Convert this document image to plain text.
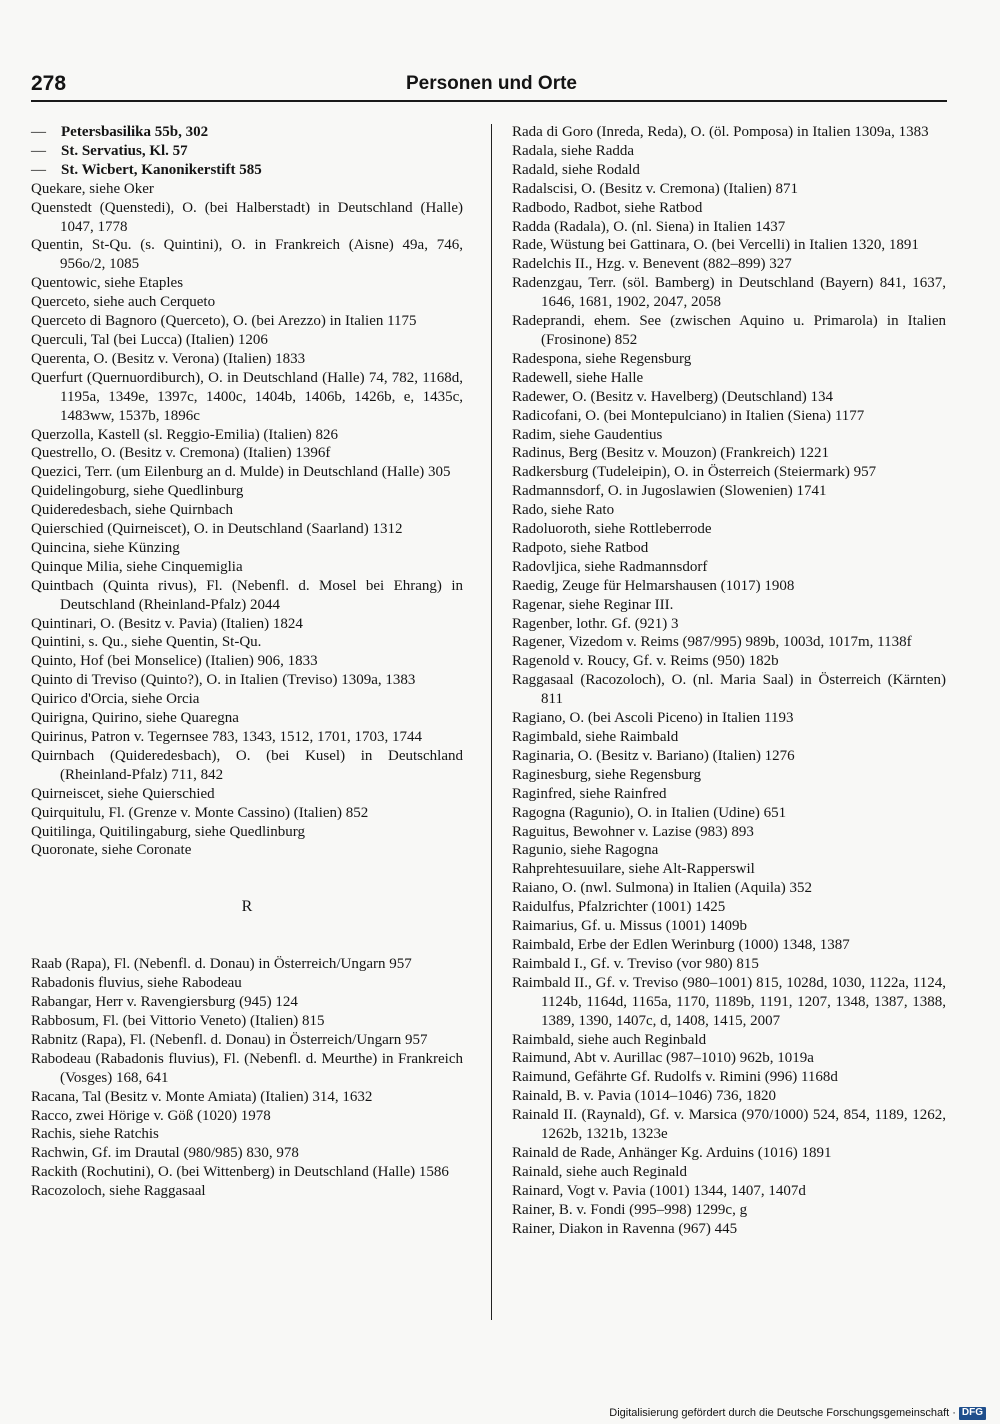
278	Personen und Orte

— Petersbasilika 55b, 302

— St. Servatius, Kl. 57

— St. Wicbert, Kanonikerstift 585

Quekare, siehe Oker

Quenstedt (Quenstedi), O. (bei Halberstadt) in Deutschland (Halle) 1047, 1778

Quentin, St-Qu. (s. Quintini), O. in Frankreich (Aisne) 49a, 746, 956o/2, 1085

Quentowic, siehe Etaples

Querceto, siehe auch Cerqueto

Querceto di Bagnoro (Querceto), O. (bei Arezzo) in Italien 1175

Querculi, Tal (bei Lucca) (Italien) 1206

Querenta, O. (Besitz v. Verona) (Italien) 1833

Querfurt (Quernuordiburch), O. in Deutschland (Halle) 74, 782, 1168d, 1195a, 1349e, 1397c, 1400c, 1404b, 1406b, 1426b, e, 1435c, 1483ww, 1537b, 1896c

Querzolla, Kastell (sl. Reggio-Emilia) (Italien) 826

Questrello, O. (Besitz v. Cremona) (Italien) 1396f

Quezici, Terr. (um Eilenburg an d. Mulde) in Deutschland (Halle) 305

Quidelingoburg, siehe Quedlinburg

Quideredesbach, siehe Quirnbach

Quierschied (Quirneiscet), O. in Deutschland (Saarland) 1312

Quincina, siehe Künzing

Quinque Milia, siehe Cinquemiglia

Quintbach (Quinta rivus), Fl. (Nebenfl. d. Mosel bei Ehrang) in Deutschland (Rheinland-Pfalz) 2044

Quintinari, O. (Besitz v. Pavia) (Italien) 1824

Quintini, s. Qu., siehe Quentin, St-Qu.

Quinto, Hof (bei Monselice) (Italien) 906, 1833

Quinto di Treviso (Quinto?), O. in Italien (Treviso) 1309a, 1383

Quirico d'Orcia, siehe Orcia

Quirigna, Quirino, siehe Quaregna

Quirinus, Patron v. Tegernsee 783, 1343, 1512, 1701, 1703, 1744

Quirnbach (Quideredesbach), O. (bei Kusel) in Deutschland (Rheinland-Pfalz) 711, 842

Quirneiscet, siehe Quierschied

Quirquitulu, Fl. (Grenze v. Monte Cassino) (Italien) 852

Quitilinga, Quitilingaburg, siehe Quedlinburg

Quoronate, siehe Coronate

R

Raab (Rapa), Fl. (Nebenfl. d. Donau) in Österreich/Ungarn 957

Rabadonis fluvius, siehe Rabodeau

Rabangar, Herr v. Ravengiersburg (945) 124

Rabbosum, Fl. (bei Vittorio Veneto) (Italien) 815

Rabnitz (Rapa), Fl. (Nebenfl. d. Donau) in Österreich/Ungarn 957

Rabodeau (Rabadonis fluvius), Fl. (Nebenfl. d. Meurthe) in Frankreich (Vosges) 168, 641

Racana, Tal (Besitz v. Monte Amiata) (Italien) 314, 1632

Racco, zwei Hörige v. Göß (1020) 1978

Rachis, siehe Ratchis

Rachwin, Gf. im Drautal (980/985) 830, 978

Rackith (Rochutini), O. (bei Wittenberg) in Deutschland (Halle) 1586

Racozoloch, siehe Raggasaal

Rada di Goro (Inreda, Reda), O. (öl. Pomposa) in Italien 1309a, 1383

Radala, siehe Radda

Radald, siehe Rodald

Radalscisi, O. (Besitz v. Cremona) (Italien) 871

Radbodo, Radbot, siehe Ratbod

Radda (Radala), O. (nl. Siena) in Italien 1437

Rade, Wüstung bei Gattinara, O. (bei Vercelli) in Italien 1320, 1891

Radelchis II., Hzg. v. Benevent (882–899) 327

Radenzgau, Terr. (söl. Bamberg) in Deutschland (Bayern) 841, 1637, 1646, 1681, 1902, 2047, 2058

Radeprandi, ehem. See (zwischen Aquino u. Primarola) in Italien (Frosinone) 852

Radespona, siehe Regensburg

Radewell, siehe Halle

Radewer, O. (Besitz v. Havelberg) (Deutschland) 134

Radicofani, O. (bei Montepulciano) in Italien (Siena) 1177

Radim, siehe Gaudentius

Radinus, Berg (Besitz v. Mouzon) (Frankreich) 1221

Radkersburg (Tudeleipin), O. in Österreich (Steiermark) 957

Radmannsdorf, O. in Jugoslawien (Slowenien) 1741

Rado, siehe Rato

Radoluoroth, siehe Rottleberrode

Radpoto, siehe Ratbod

Radovljica, siehe Radmannsdorf

Raedig, Zeuge für Helmarshausen (1017) 1908

Ragenar, siehe Reginar III.

Ragenber, lothr. Gf. (921) 3

Ragener, Vizedom v. Reims (987/995) 989b, 1003d, 1017m, 1138f

Ragenold v. Roucy, Gf. v. Reims (950) 182b

Raggasaal (Racozoloch), O. (nl. Maria Saal) in Österreich (Kärnten) 811

Ragiano, O. (bei Ascoli Piceno) in Italien 1193

Ragimbald, siehe Raimbald

Raginaria, O. (Besitz v. Bariano) (Italien) 1276

Raginesburg, siehe Regensburg

Raginfred, siehe Rainfred

Ragogna (Ragunio), O. in Italien (Udine) 651

Raguitus, Bewohner v. Lazise (983) 893

Ragunio, siehe Ragogna

Rahprehtesuuilare, siehe Alt-Rapperswil

Raiano, O. (nwl. Sulmona) in Italien (Aquila) 352

Raidulfus, Pfalzrichter (1001) 1425

Raimarius, Gf. u. Missus (1001) 1409b

Raimbald, Erbe der Edlen Werinburg (1000) 1348, 1387

Raimbald I., Gf. v. Treviso (vor 980) 815

Raimbald II., Gf. v. Treviso (980–1001) 815, 1028d, 1030, 1122a, 1124, 1124b, 1164d, 1165a, 1170, 1189b, 1191, 1207, 1348, 1387, 1388, 1389, 1390, 1407c, d, 1408, 1415, 2007

Raimbald, siehe auch Reginbald

Raimund, Abt v. Aurillac (987–1010) 962b, 1019a

Raimund, Gefährte Gf. Rudolfs v. Rimini (996) 1168d

Rainald, B. v. Pavia (1014–1046) 736, 1820

Rainald II. (Raynald), Gf. v. Marsica (970/1000) 524, 854, 1189, 1262, 1262b, 1321b, 1323e

Rainald de Rade, Anhänger Kg. Arduins (1016) 1891

Rainald, siehe auch Reginald

Rainard, Vogt v. Pavia (1001) 1344, 1407, 1407d

Rainer, B. v. Fondi (995–998) 1299c, g

Rainer, Diakon in Ravenna (967) 445

Digitalisierung gefördert durch die Deutsche Forschungsgemeinschaft · DFG
